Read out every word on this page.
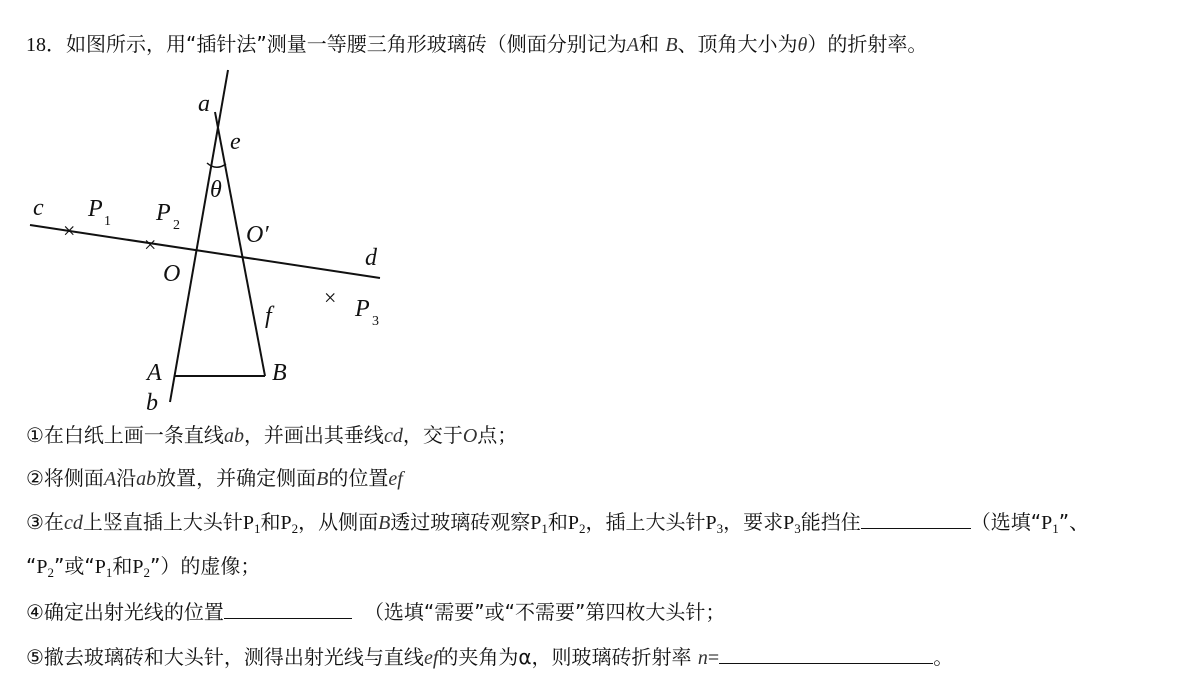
18．如图所示，用“插针法”测量一等腰三角形玻璃砖（侧面分别记为A和 B、顶角大小为θ）的折射率。
×
×
×
a
e
θ
c P 1 P 2	O′
d
O
P 3
f
A	B
b
①在白纸上画一条直线ab，并画出其垂线cd，交于O点；
②将侧面A沿ab放置，并确定侧面B的位置ef
③在cd上竖直插上大头针$P_1$和$P_2$，从侧面B透过玻璃砖观察$P_1$和$P_2$，插上大头针$P_3$，要求$P_3$能挡住	（选填“$P_1$”、
“$P_2$”或“$P_1$和$P_2$”）的虚像；
④确定出射光线的位置	（选填“需要”或“不需要”第四枚大头针；
⑤撤去玻璃砖和大头针，测得出射光线与直线ef的夹角为α，则玻璃砖折射率 n=	。
